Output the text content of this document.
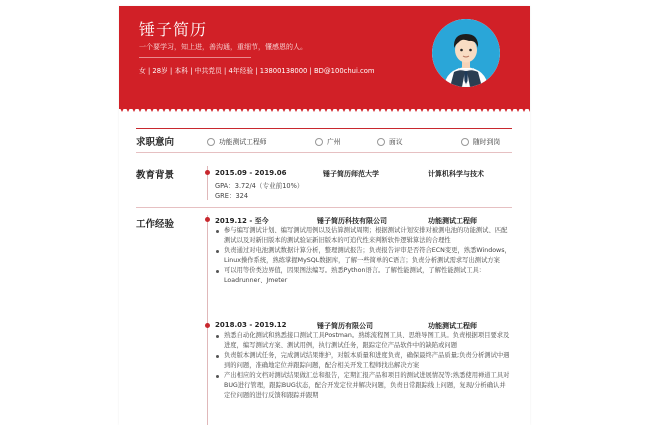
锤子简历
一个要学习，知上进，善沟通，重细节，懂感恩的人。
女 | 28岁 | 本科 | 中共党员 | 4年经验 | 13800138000 | BD@100chui.com
求职意向	功能测试工程师	广州	面议	随时到岗
教育背景	2015.09 - 2019.06	锤子简历师范大学	计算机科学与技术
GPA：3.72/4（专业前10%）
GRE：324
工作经验	2019.12 - 至今	锤子简历科技有限公司	功能测试工程师
参与编写测试计划、编写测试用例以及估算测试周期；根据测试计划安排对被测电池的功能测试、匹配测试以及对新旧版本的测试验证新旧版本的可追代性来判断软件逻辑算法的合理性
负责通过对电池测试数据计算分析，整理测试报告；负责报告评审是否符合ECN变更，熟悉Windows，Linux操作系统，熟练掌握MySQL数据库，了解一些简单的C语言；负责分析测试需求写出测试方案
可以用等价类边界值，因果图法编写。熟悉Python语言。了解性能测试，了解性能测试工具：Loadrunner、Jmeter
2018.03 - 2019.12	锤子简历有限公司	功能测试工程师
熟悉自动化测试和熟悉接口测试工具Postman。熟练流程图工具、思维导图工具。负责根据项目要求及进度，编写测试方案、测试用例，执行测试任务，跟踪定位产品软件中的缺陷或问题
负责版本测试任务，完成测试结果维护，对版本质量和进度负责，确保最终产品质量;负责分析测试中遇到的问题，准确地定位并跟踪问题，配合相关开发工程师找出解决方案
产出相应的文档对测试结果做汇总和报告，定期汇报产品和项目的测试进展情况等;熟悉使用禅道工具对BUG进行管理，跟踪BUG状态，配合开发定位并解决问题，负责日常跟踪线上问题，复现/分析确认并定位问题的进行反馈和跟踪并跟期
